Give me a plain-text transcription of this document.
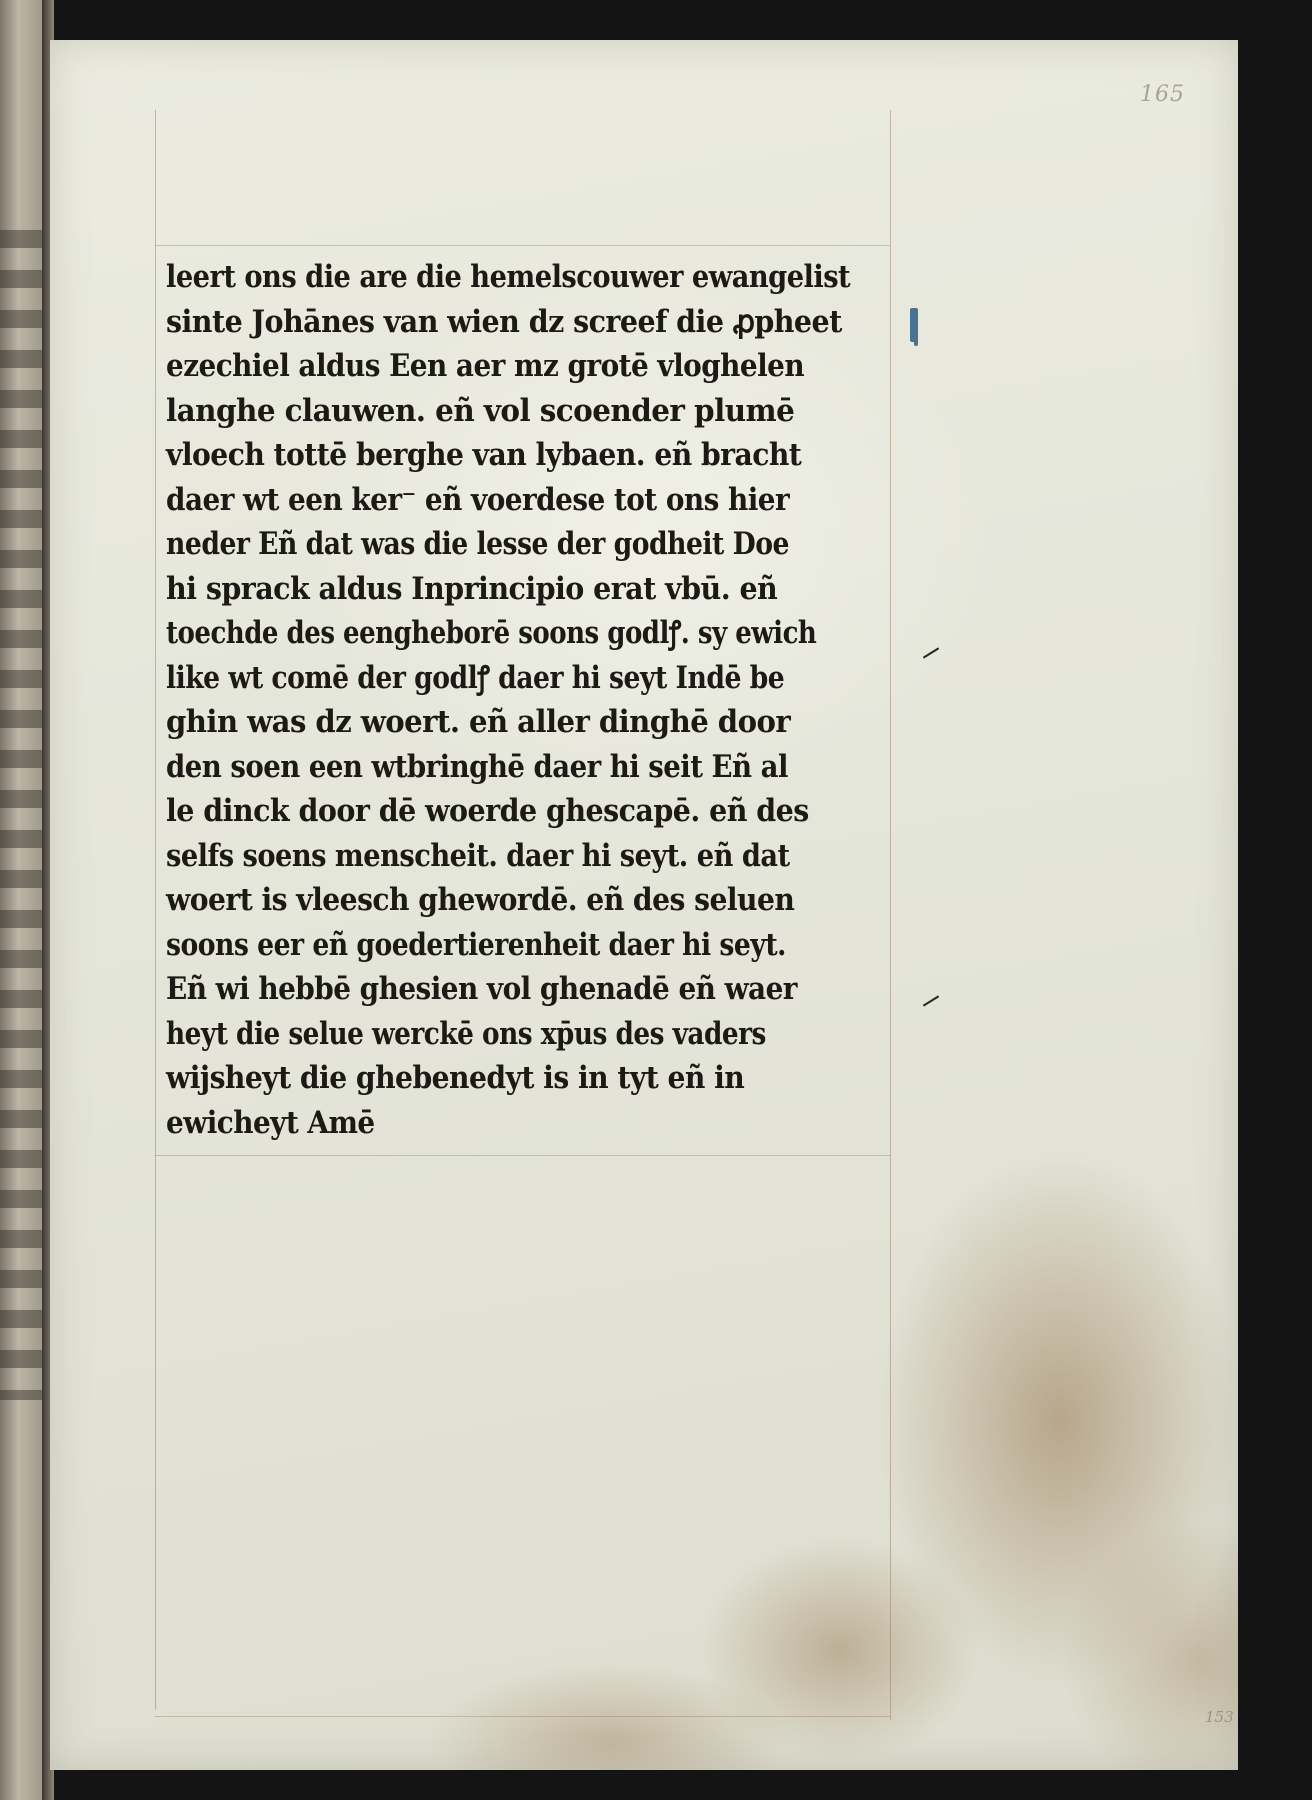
165
153
leert ons die are die hemelscouwer ewangelist
sinte Johānes van wien dz screef die ꝓpheet
ezechiel aldus Een aer mz grotē vloghelen
langhe clauwen. eñ vol scoender plumē
vloech tottē berghe van lybaen. eñ bracht
daer wt een ker⁻ eñ voerdese tot ons hier
neder Eñ dat was die lesse der godheit Doe
hi sprack aldus Inprincipio erat vbū. eñ
toechde des eengheborē soons godlꝭ. sy ewich
like wt comē der godlꝭ daer hi seyt Indē be
ghin was dz woert. eñ aller dinghē door
den soen een wtbringhē daer hi seit Eñ al
le dinck door dē woerde ghescapē. eñ des
selfs soens menscheit. daer hi seyt. eñ dat
woert is vleesch ghewordē. eñ des seluen
soons eer eñ goedertierenheit daer hi seyt.
Eñ wi hebbē ghesien vol ghenadē eñ waer
heyt die selue werckē ons xp̄us des vaders
wijsheyt die ghebenedyt is in tyt eñ in
ewicheyt Amē
